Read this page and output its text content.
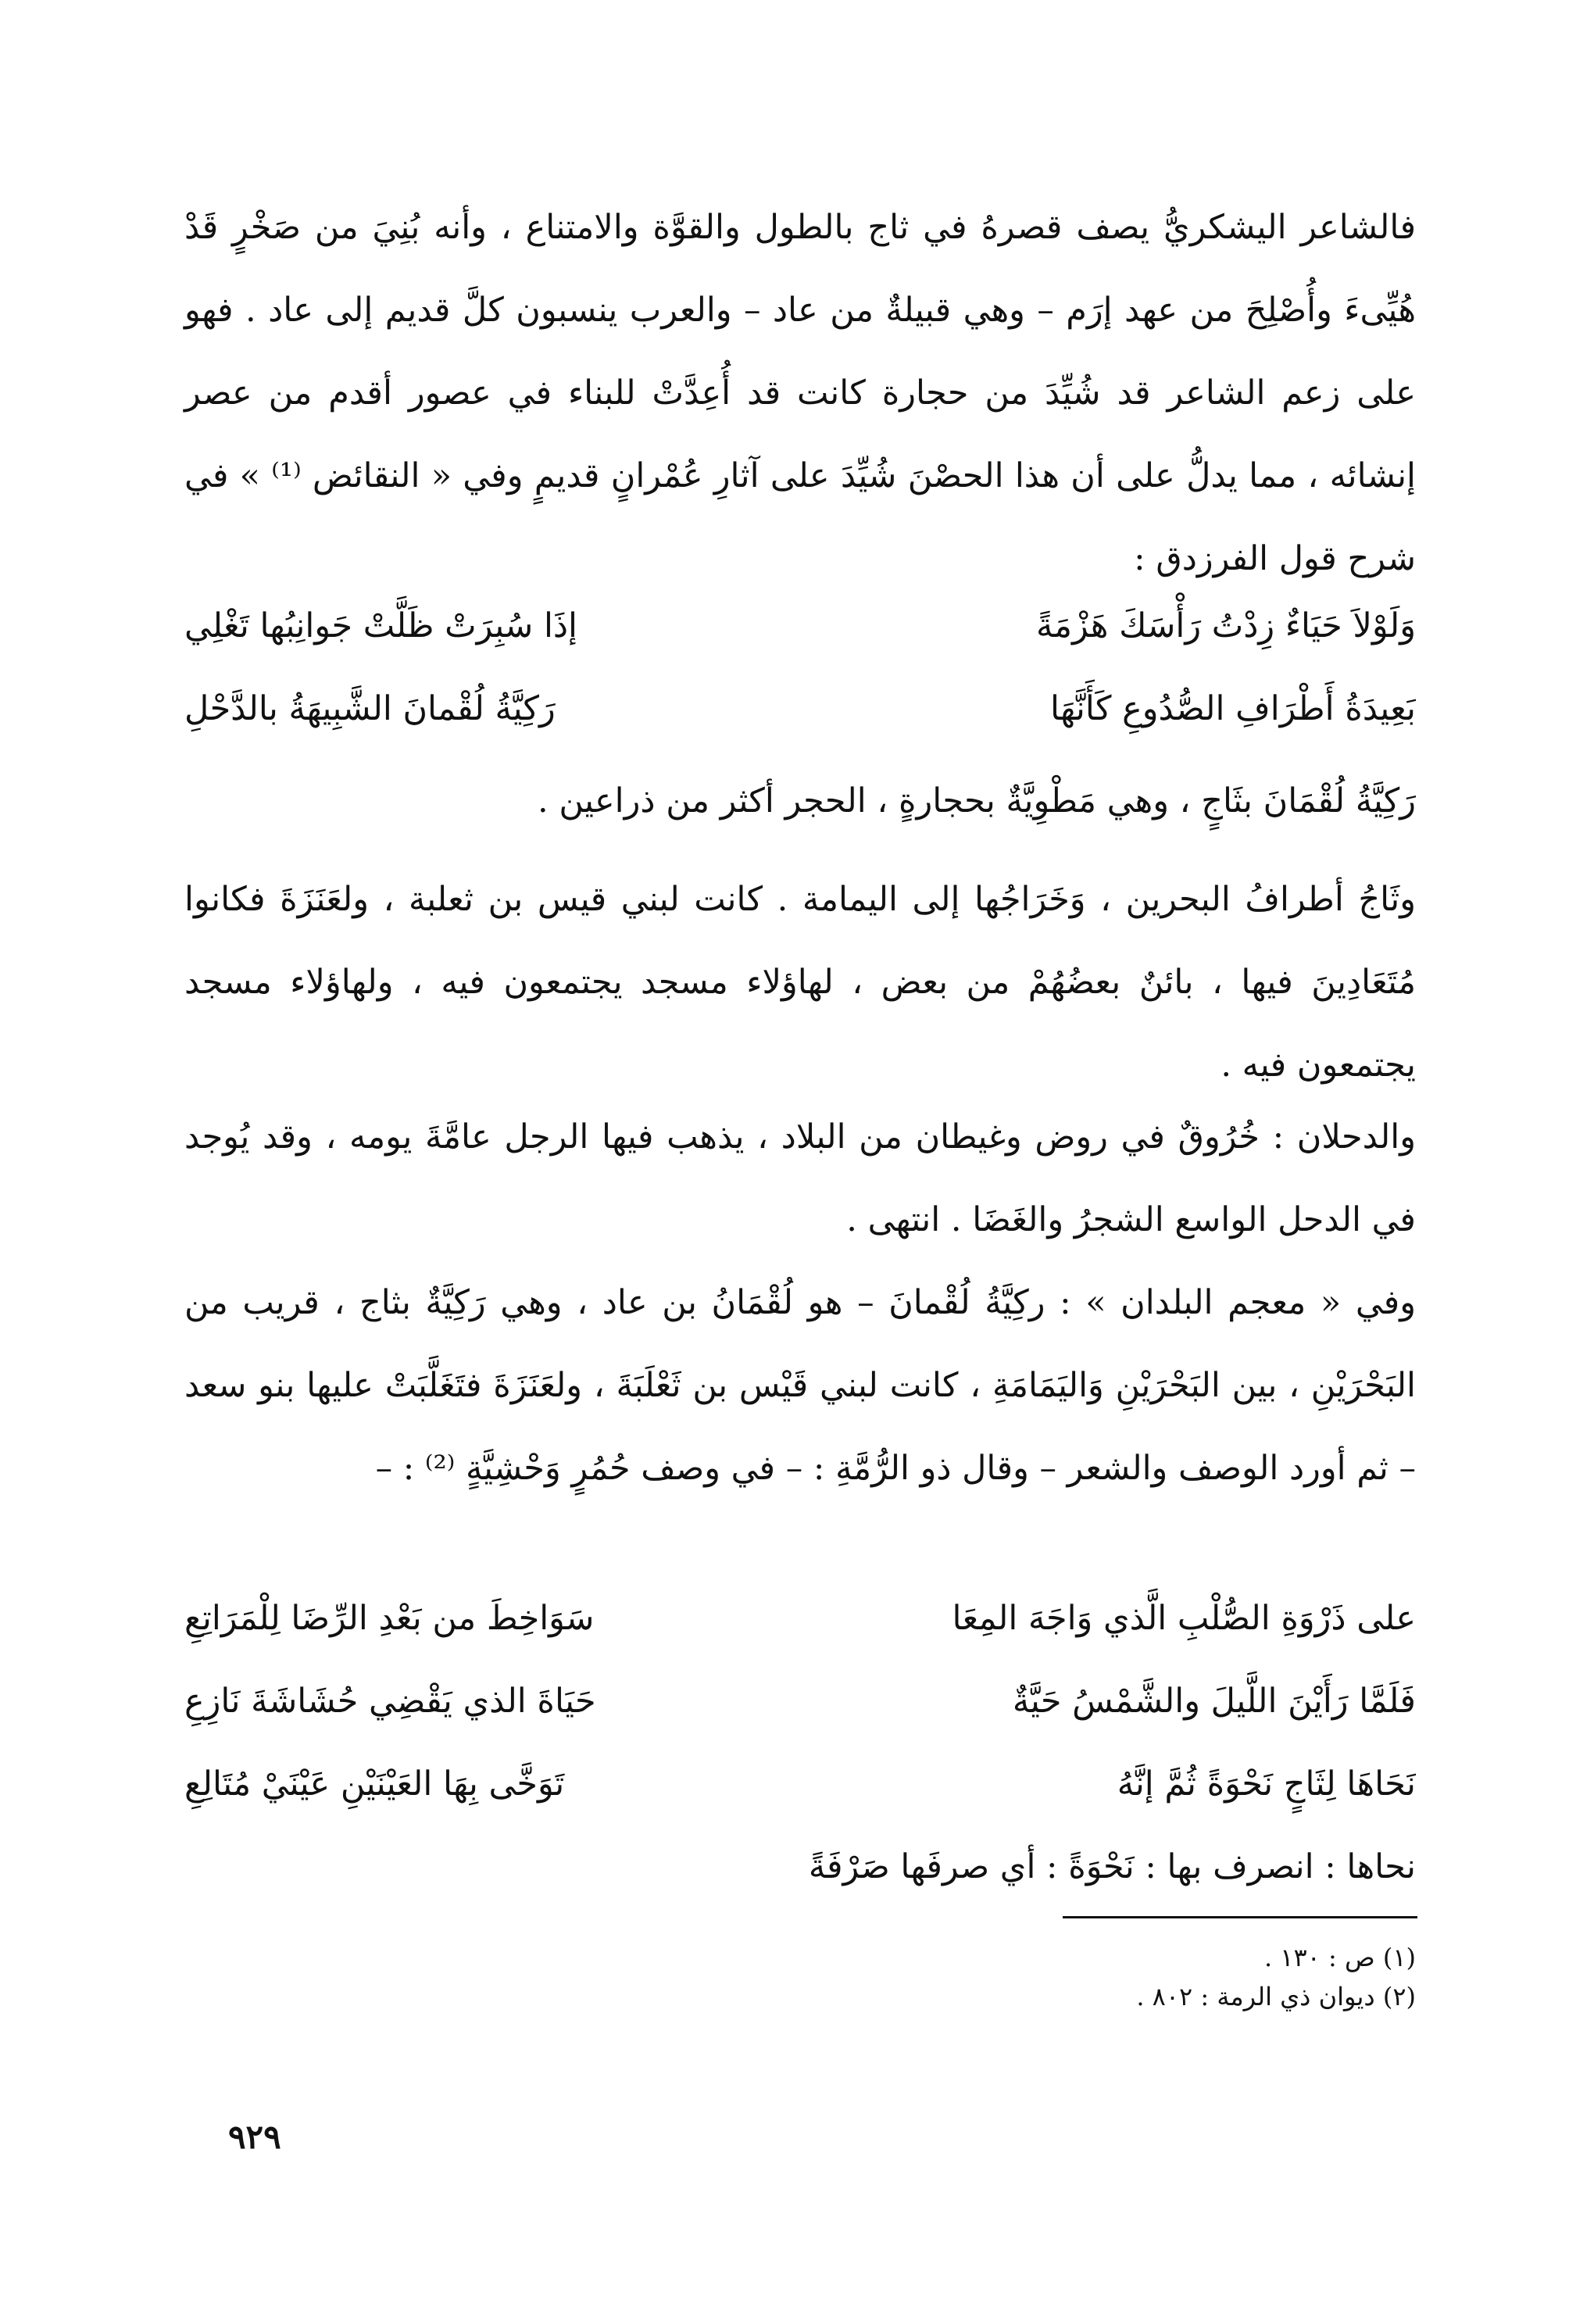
فالشاعر اليشكريُّ يصف قصرهُ في ثاج بالطول والقوَّة والامتناع ، وأنه بُنِيَ من صَخْرٍ قَدْ هُيِّىءَ وأُصْلِحَ من عهد إرَم – وهي قبيلةٌ من عاد – والعرب ينسبون كلَّ قديم إلى عاد . فهو على زعم الشاعر قد شُيِّدَ من حجارة كانت قد أُعِدَّتْ للبناء في عصور أقدم من عصر إنشائه ، مما يدلُّ على أن هذا الحصْنَ شُيِّدَ على آثارِ عُمْرانٍ قديمٍ وفي « النقائض ⁽¹⁾ » في شرح قول الفرزدق :

وَلَوْلاَ حَيَاءٌ زِدْتُ رَأْسَكَ هَزْمَةً
إذَا سُبِرَتْ ظَلَّتْ جَوانِبُها تَغْلِي
بَعِيدَةُ أَطْرَافِ الصُّدُوعِ كَأَنَّهَا
رَكِيَّةُ لُقْمانَ الشَّبِيهَةُ بالدَّحْلِ

رَكِيَّةُ لُقْمَانَ بثَاجٍ ، وهي مَطْوِيَّةٌ بحجارةٍ ، الحجر أكثر من ذراعين .

وثَاجُ أطرافُ البحرين ، وَخَرَاجُها إلى اليمامة . كانت لبني قيس بن ثعلبة ، ولعَنَزَةَ فكانوا مُتَعَادِينَ فيها ، بائنٌ بعضُهُمْ من بعض ، لهاؤلاء مسجد يجتمعون فيه ، ولهاؤلاء مسجد يجتمعون فيه .

والدحلان : خُرُوقٌ في روض وغيطان من البلاد ، يذهب فيها الرجل عامَّةَ يومه ، وقد يُوجد في الدحل الواسع الشجرُ والغَضَا . انتهى .

وفي « معجم البلدان » : ركِيَّةُ لُقْمانَ – هو لُقْمَانُ بن عاد ، وهي رَكِيَّةٌ بثاج ، قريب من البَحْرَيْنِ ، بين البَحْرَيْنِ وَاليَمَامَةِ ، كانت لبني قَيْس بن ثَعْلَبَةَ ، ولعَنَزَةَ فتَغَلَّبَتْ عليها بنو سعد – ثم أورد الوصف والشعر – وقال ذو الرُّمَّةِ : – في وصف حُمُرٍ وَحْشِيَّةٍ ⁽²⁾ : –

على ذَرْوَةِ الصُّلْبِ الَّذي وَاجَهَ المِعَا
سَوَاخِطَ من بَعْدِ الرِّضَا لِلْمَرَاتِعِ
فَلَمَّا رَأَيْنَ اللَّيلَ والشَّمْسُ حَيَّةٌ
حَيَاةَ الذي يَقْضِي حُشَاشَةَ نَازِعِ
نَحَاهَا لِثَاجٍ نَحْوَةً ثُمَّ إنَّهُ
تَوَخَّى بِهَا العَيْنَيْنِ عَيْنَيْ مُتَالِعِ

نحاها : انصرف بها : نَحْوَةً : أي صرفَها صَرْفَةً

(١) ص : ١٣٠ .
(٢) ديوان ذي الرمة : ٨٠٢ .
٩٢٩
